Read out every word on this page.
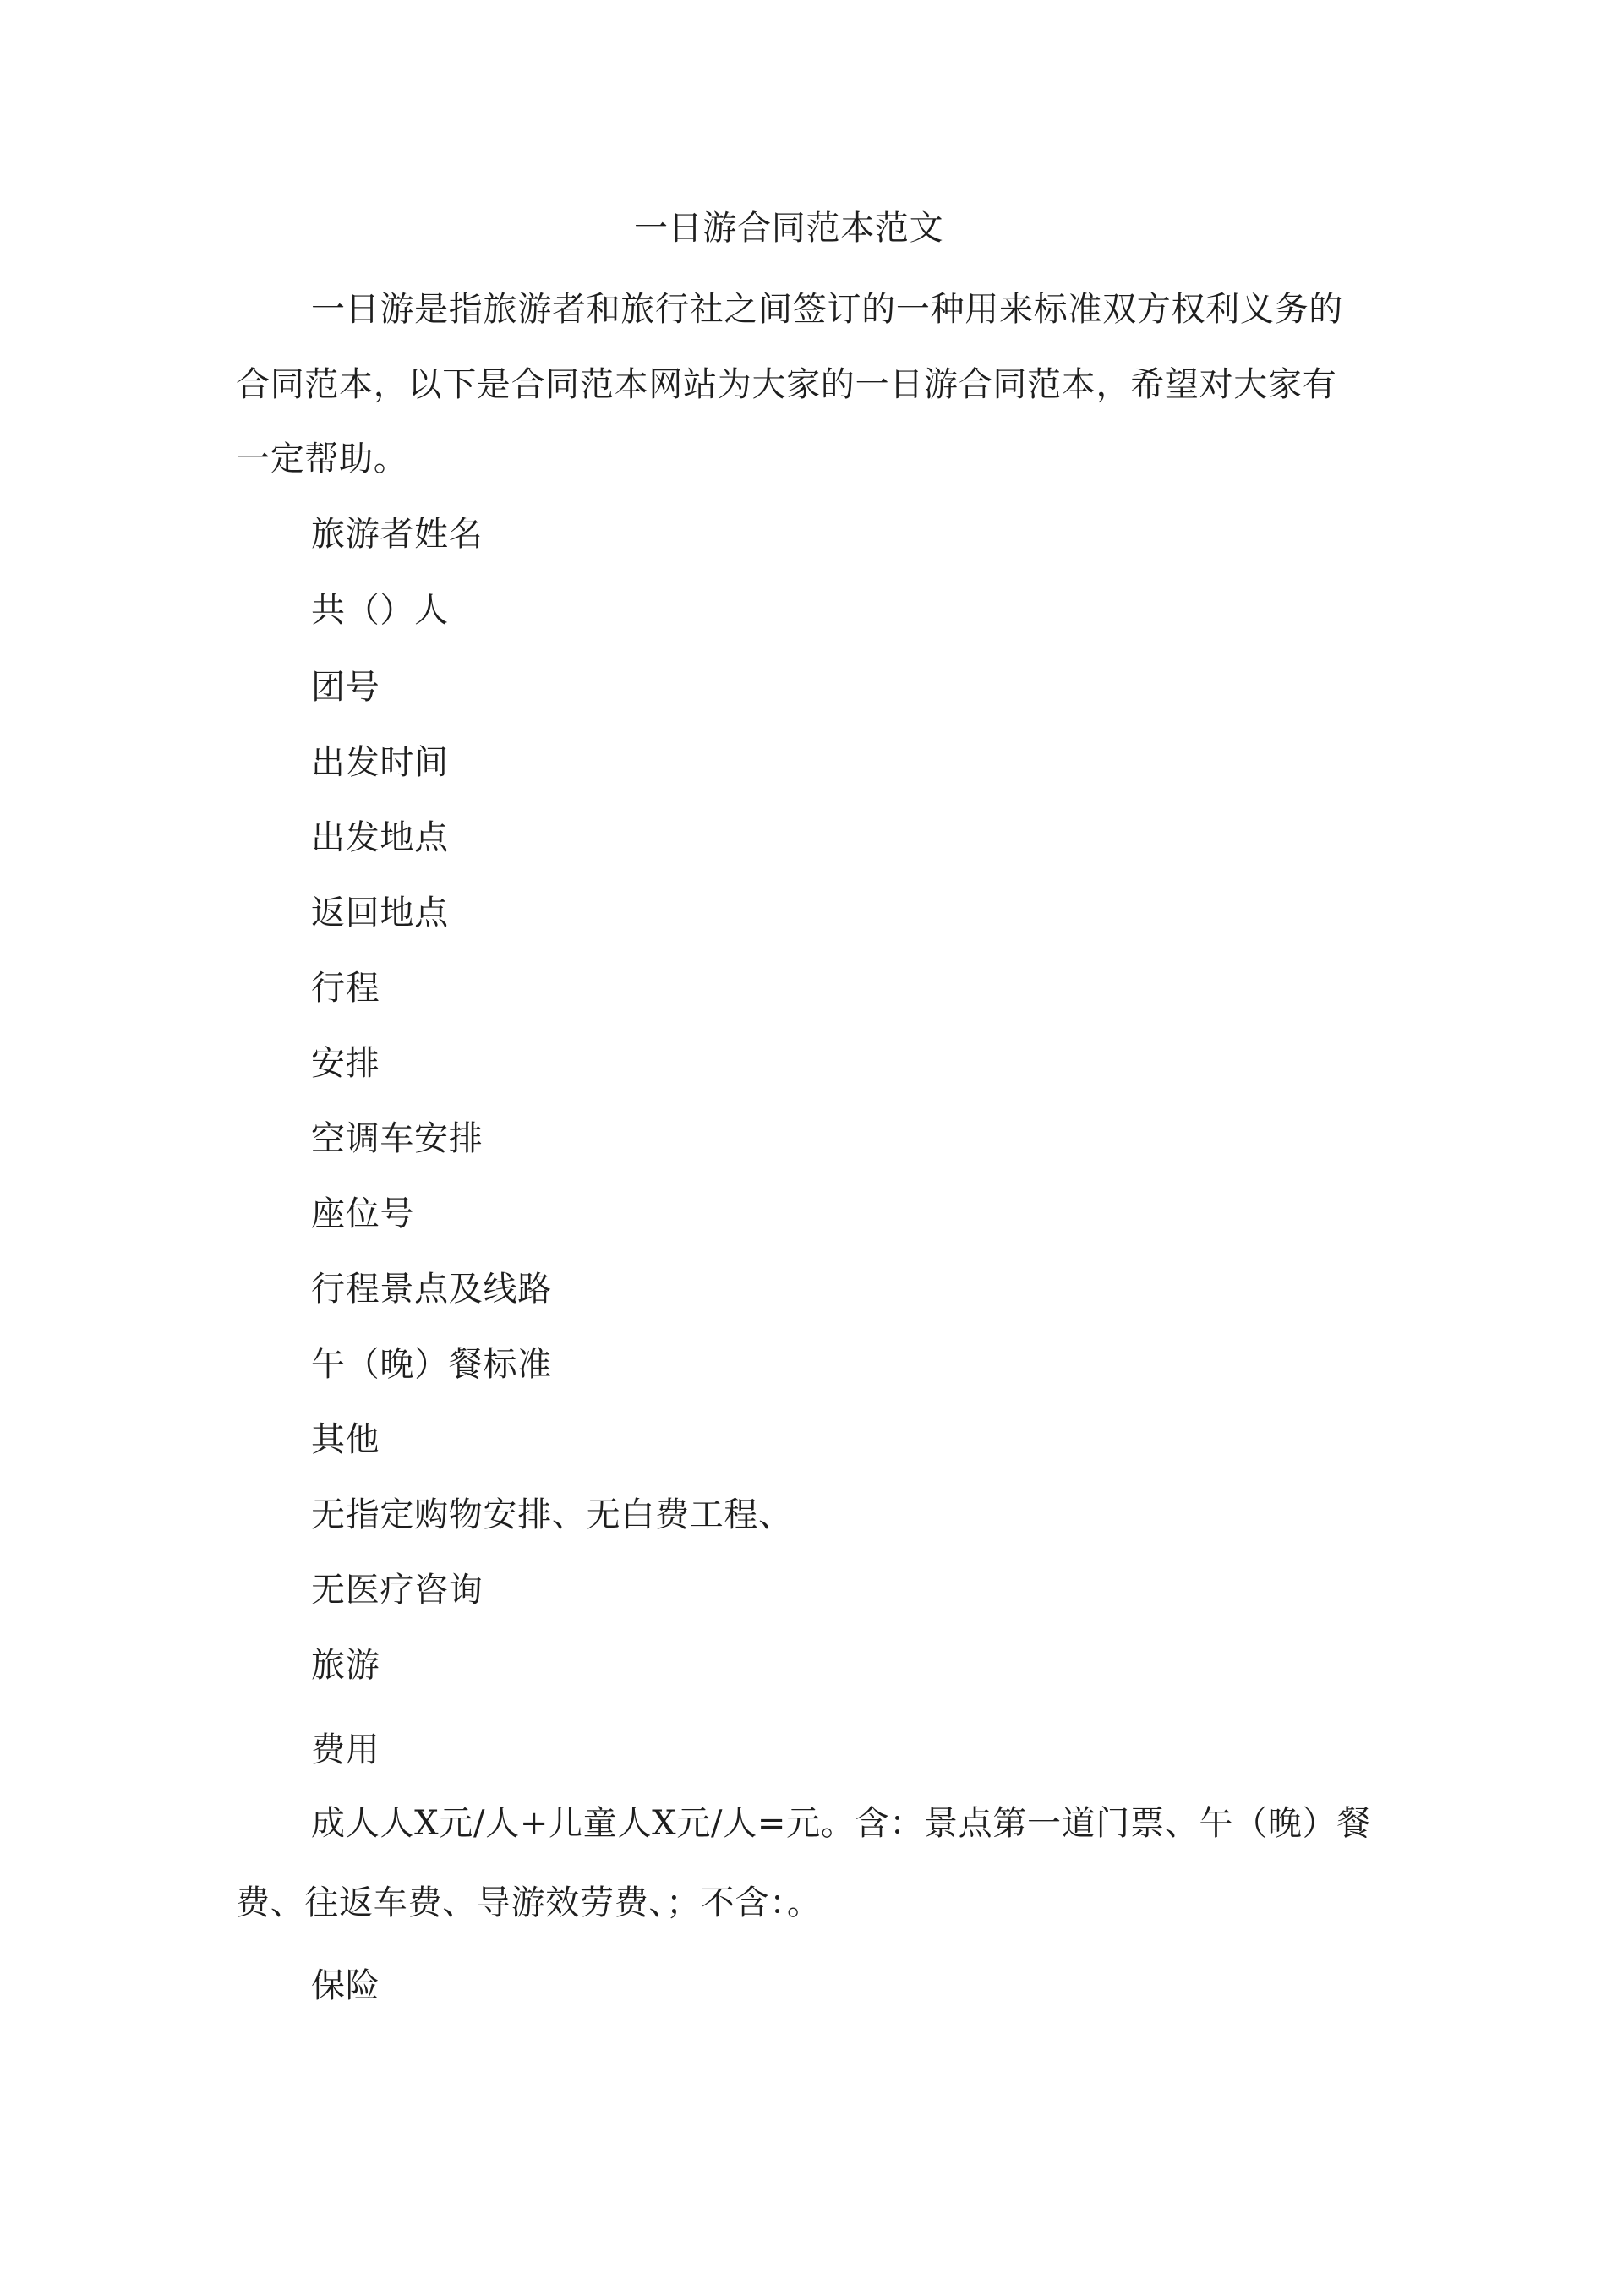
一日游合同范本范文
一日游是指旅游者和旅行社之间签订的一种用来标准双方权利义务的
合同范本，以下是合同范本网站为大家的一日游合同范本，希望对大家有
一定帮助。
旅游者姓名
共（）人
团号
出发时间
出发地点
返回地点
行程
安排
空调车安排
座位号
行程景点及线路
午（晚）餐标准
其他
无指定购物安排、无白费工程、
无医疗咨询
旅游
费用
成人人X元/人+儿童人X元/人=元。含：景点第一道门票、午（晚）餐
费、往返车费、导游效劳费、；不含：。
保险
